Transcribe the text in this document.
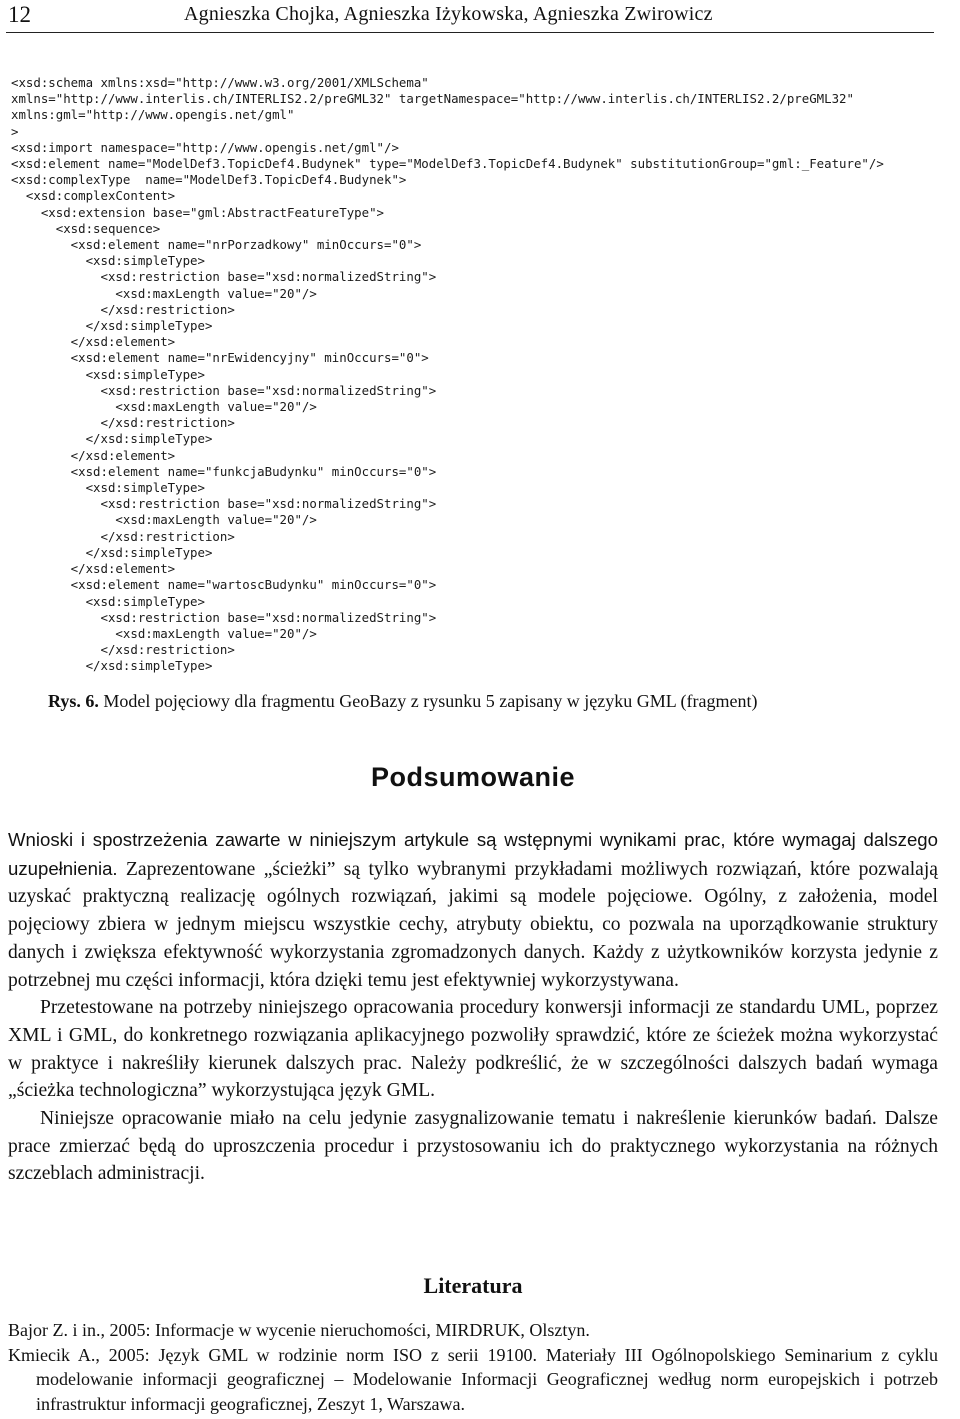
12	Agnieszka Chojka, Agnieszka Iżykowska, Agnieszka Zwirowicz
<xsd:schema xmlns:xsd="http://www.w3.org/2001/XMLSchema"
xmlns="http://www.interlis.ch/INTERLIS2.2/preGML32" targetNamespace="http://www.interlis.ch/INTERLIS2.2/preGML32"
xmlns:gml="http://www.opengis.net/gml"
>
<xsd:import namespace="http://www.opengis.net/gml"/>
<xsd:element name="ModelDef3.TopicDef4.Budynek" type="ModelDef3.TopicDef4.Budynek" substitutionGroup="gml:_Feature"/>
<xsd:complexType  name="ModelDef3.TopicDef4.Budynek">
<xsd:complexContent>
<xsd:extension base="gml:AbstractFeatureType">
<xsd:sequence>
<xsd:element name="nrPorzadkowy" minOccurs="0">
<xsd:simpleType>
<xsd:restriction base="xsd:normalizedString">
<xsd:maxLength value="20"/>
</xsd:restriction>
</xsd:simpleType>
</xsd:element>
<xsd:element name="nrEwidencyjny" minOccurs="0">
<xsd:simpleType>
<xsd:restriction base="xsd:normalizedString">
<xsd:maxLength value="20"/>
</xsd:restriction>
</xsd:simpleType>
</xsd:element>
<xsd:element name="funkcjaBudynku" minOccurs="0">
<xsd:simpleType>
<xsd:restriction base="xsd:normalizedString">
<xsd:maxLength value="20"/>
</xsd:restriction>
</xsd:simpleType>
</xsd:element>
<xsd:element name="wartoscBudynku" minOccurs="0">
<xsd:simpleType>
<xsd:restriction base="xsd:normalizedString">
<xsd:maxLength value="20"/>
</xsd:restriction>
</xsd:simpleType>
Rys. 6. Model pojęciowy dla fragmentu GeoBazy z rysunku 5 zapisany w języku GML (fragment)
Podsumowanie

Wnioski i spostrzeżenia zawarte w niniejszym artykule są wstępnymi wynikami prac, które wymagaj dalszego uzupełnienia. Zaprezentowane „ścieżki” są tylko wybranymi przykładami możliwych rozwiązań, które pozwalają uzyskać praktyczną realizację ogólnych rozwiązań, jakimi są modele pojęciowe. Ogólny, z założenia, model pojęciowy zbiera w jednym miejscu wszystkie cechy, atrybuty obiektu, co pozwala na uporządkowanie struktury danych i zwiększa efektywność wykorzystania zgromadzonych danych. Każdy z użytkowników korzysta jedynie z potrzebnej mu części informacji, która dzięki temu jest efektywniej wykorzystywana.

Przetestowane na potrzeby niniejszego opracowania procedury konwersji informacji ze standardu UML, poprzez XML i GML, do konkretnego rozwiązania aplikacyjnego pozwoliły sprawdzić, które ze ścieżek można wykorzystać w praktyce i nakreśliły kierunek dalszych prac. Należy podkreślić, że w szczególności dalszych badań wymaga „ścieżka technologiczna” wykorzystująca język GML.

Niniejsze opracowanie miało na celu jedynie zasygnalizowanie tematu i nakreślenie kierunków badań. Dalsze prace zmierzać będą do uproszczenia procedur i przystosowaniu ich do praktycznego wykorzystania na różnych szczeblach administracji.

Literatura

Bajor Z. i in., 2005: Informacje w wycenie nieruchomości, MIRDRUK, Olsztyn.

Kmiecik A., 2005: Język GML w rodzinie norm ISO z serii 19100. Materiały III Ogólnopolskiego Seminarium z cyklu modelowanie informacji geograficznej – Modelowanie Informacji Geograficznej według norm europejskich i potrzeb infrastruktur informacji geograficznej, Zeszyt 1, Warszawa.
